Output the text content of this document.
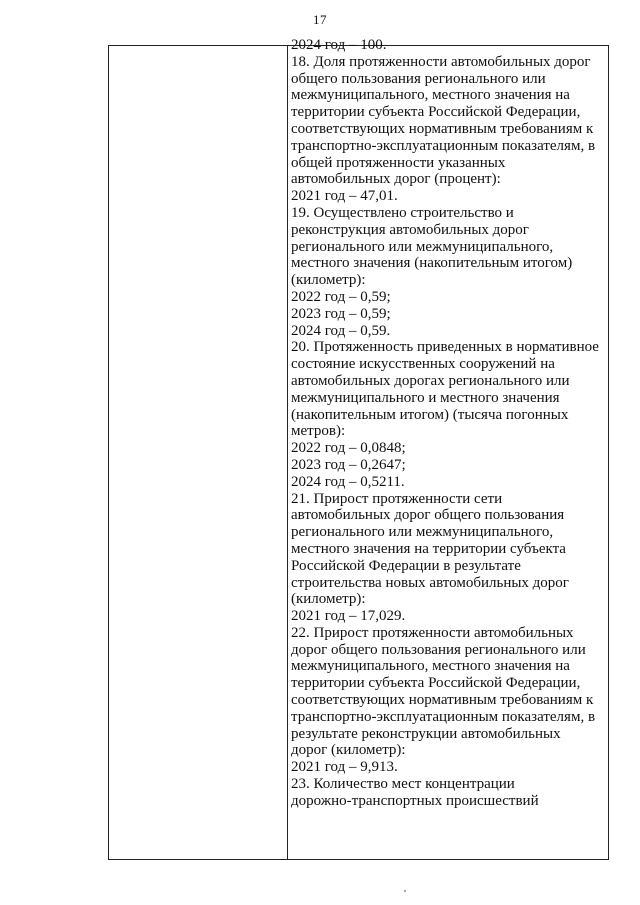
17
2024 год – 100.
18. Доля протяженности автомобильных дорог
общего пользования регионального или
межмуниципального, местного значения на
территории субъекта Российской Федерации,
соответствующих нормативным требованиям к
транспортно-эксплуатационным показателям, в
общей протяженности указанных
автомобильных дорог (процент):
2021 год – 47,01.
19. Осуществлено строительство и
реконструкция автомобильных дорог
регионального или межмуниципального,
местного значения (накопительным итогом)
(километр):
2022 год – 0,59;
2023 год – 0,59;
2024 год – 0,59.
20. Протяженность приведенных в нормативное
состояние искусственных сооружений на
автомобильных дорогах регионального или
межмуниципального и местного значения
(накопительным итогом) (тысяча погонных
метров):
2022 год – 0,0848;
2023 год – 0,2647;
2024 год – 0,5211.
21. Прирост протяженности сети
автомобильных дорог общего пользования
регионального или межмуниципального,
местного значения на территории субъекта
Российской Федерации в результате
строительства новых автомобильных дорог
(километр):
2021 год – 17,029.
22. Прирост протяженности автомобильных
дорог общего пользования регионального или
межмуниципального, местного значения на
территории субъекта Российской Федерации,
соответствующих нормативным требованиям к
транспортно-эксплуатационным показателям, в
результате реконструкции автомобильных
дорог (километр):
2021 год – 9,913.
23. Количество мест концентрации
дорожно-транспортных происшествий
